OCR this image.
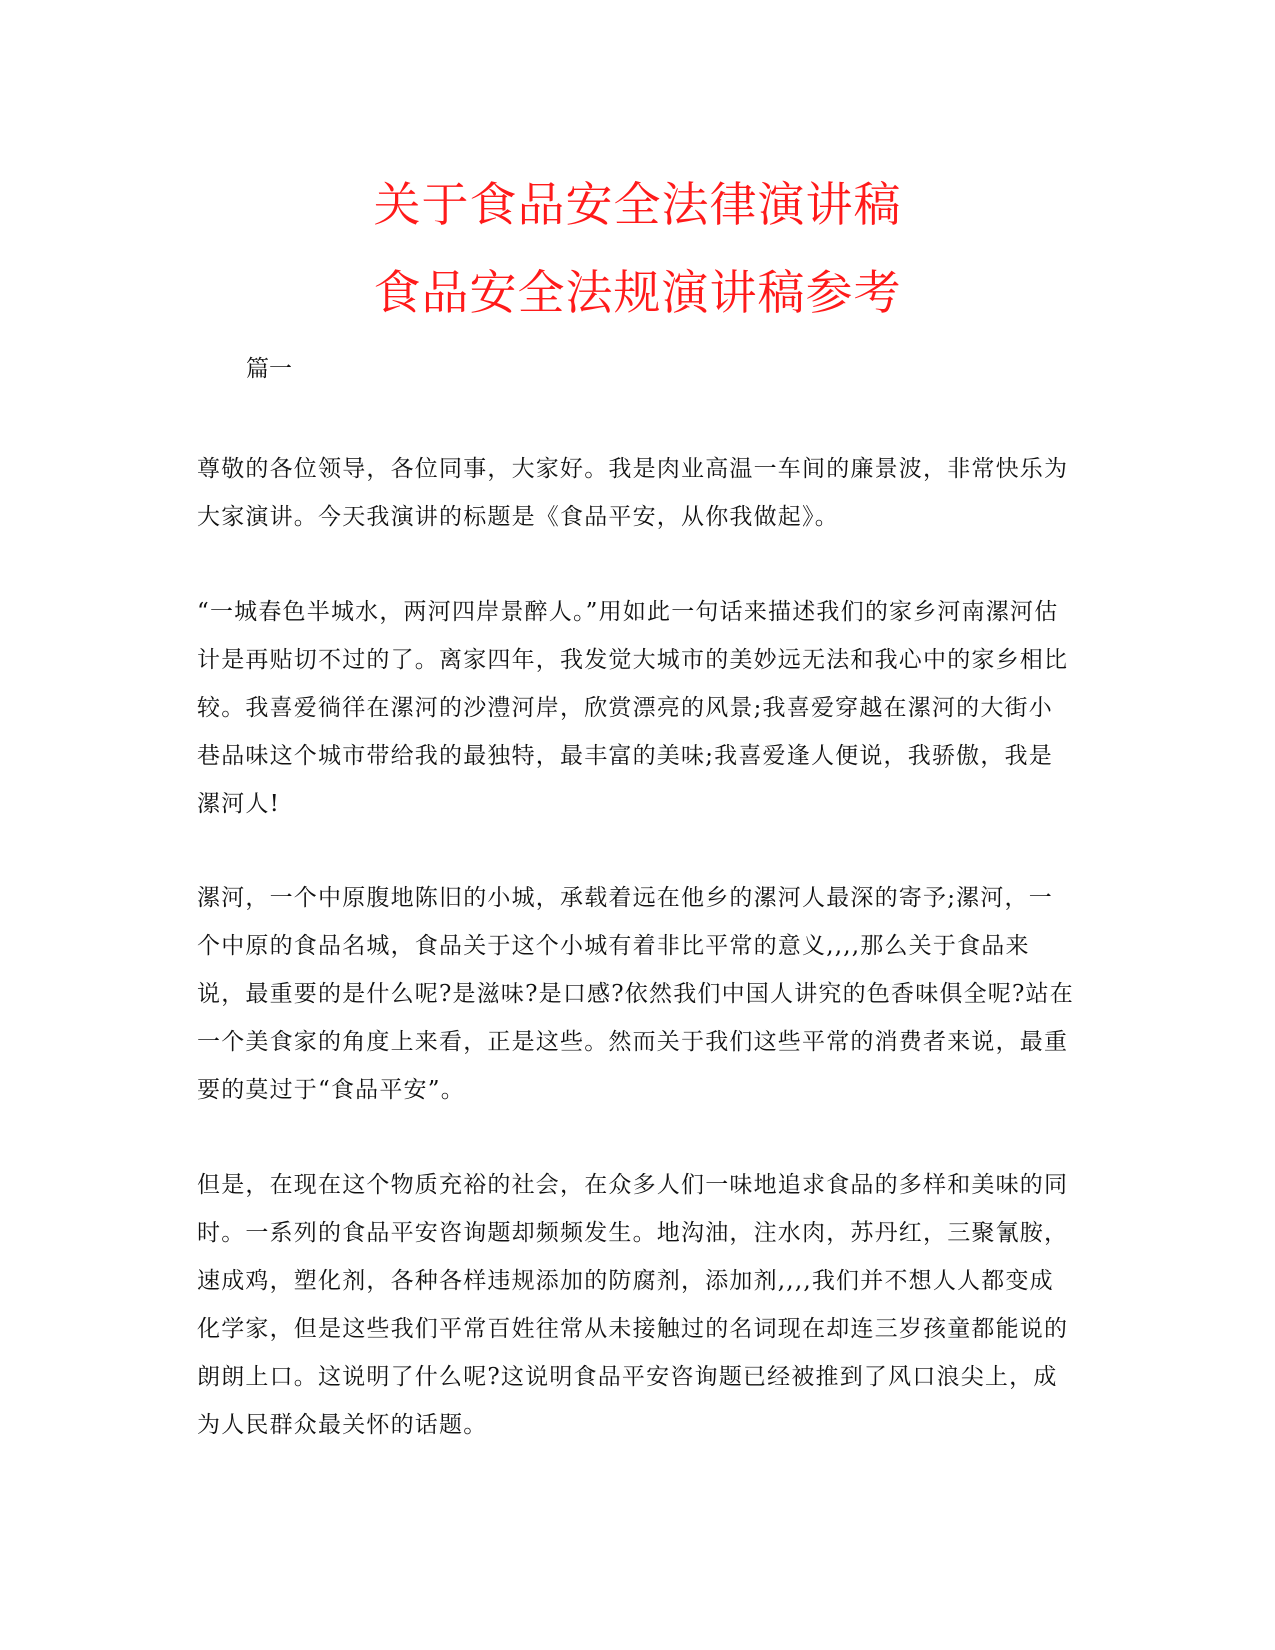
关于食品安全法律演讲稿
食品安全法规演讲稿参考
篇一

尊敬的各位领导，各位同事，大家好。我是肉业高温一车间的廉景波，非常快乐为大家演讲。今天我演讲的标题是《食品平安，从你我做起》。

“一城春色半城水，两河四岸景醉人。”用如此一句话来描述我们的家乡河南漯河估计是再贴切不过的了。离家四年，我发觉大城市的美妙远无法和我心中的家乡相比较。我喜爱徜徉在漯河的沙澧河岸，欣赏漂亮的风景;我喜爱穿越在漯河的大街小巷品味这个城市带给我的最独特，最丰富的美味;我喜爱逢人便说，我骄傲，我是漯河人!

漯河，一个中原腹地陈旧的小城，承载着远在他乡的漯河人最深的寄予;漯河，一个中原的食品名城，食品关于这个小城有着非比平常的意义,,,,那么关于食品来说，最重要的是什么呢?是滋味?是口感?依然我们中国人讲究的色香味俱全呢?站在一个美食家的角度上来看，正是这些。然而关于我们这些平常的消费者来说，最重要的莫过于“食品平安”。

但是，在现在这个物质充裕的社会，在众多人们一味地追求食品的多样和美味的同时。一系列的食品平安咨询题却频频发生。地沟油，注水肉，苏丹红，三聚氰胺，速成鸡，塑化剂，各种各样违规添加的防腐剂，添加剂,,,,我们并不想人人都变成化学家，但是这些我们平常百姓往常从未接触过的名词现在却连三岁孩童都能说的朗朗上口。这说明了什么呢?这说明食品平安咨询题已经被推到了风口浪尖上，成为人民群众最关怀的话题。
